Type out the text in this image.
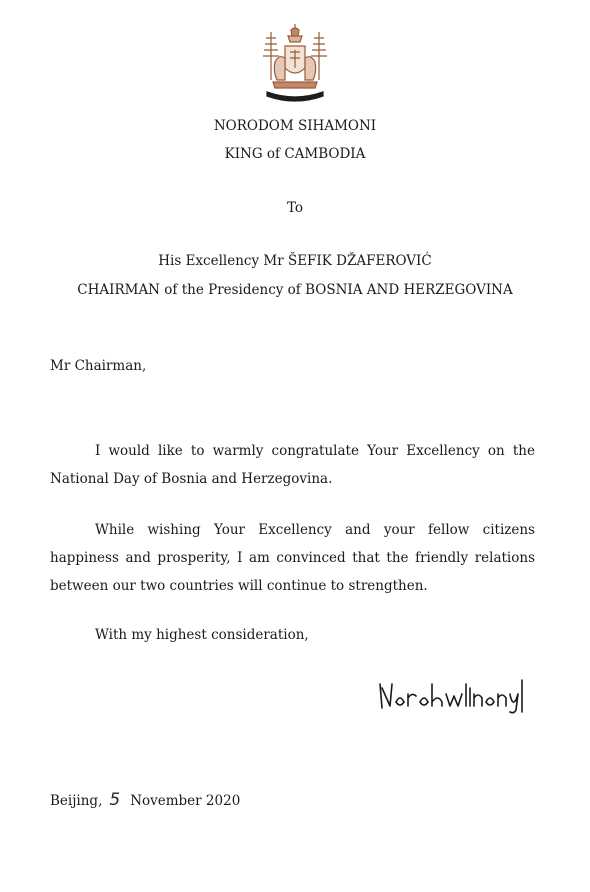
NORODOM SIHAMONI
KING of CAMBODIA
To
His Excellency Mr ŠEFIK DŽAFEROVIĆ
CHAIRMAN of the Presidency of BOSNIA AND HERZEGOVINA
Mr Chairman,
I would like to warmly congratulate Your Excellency on the National Day of Bosnia and Herzegovina.
While wishing Your Excellency and your fellow citizens happiness and prosperity, I am convinced that the friendly relations between our two countries will continue to strengthen.
With my highest consideration,
Beijing, 5 November 2020
